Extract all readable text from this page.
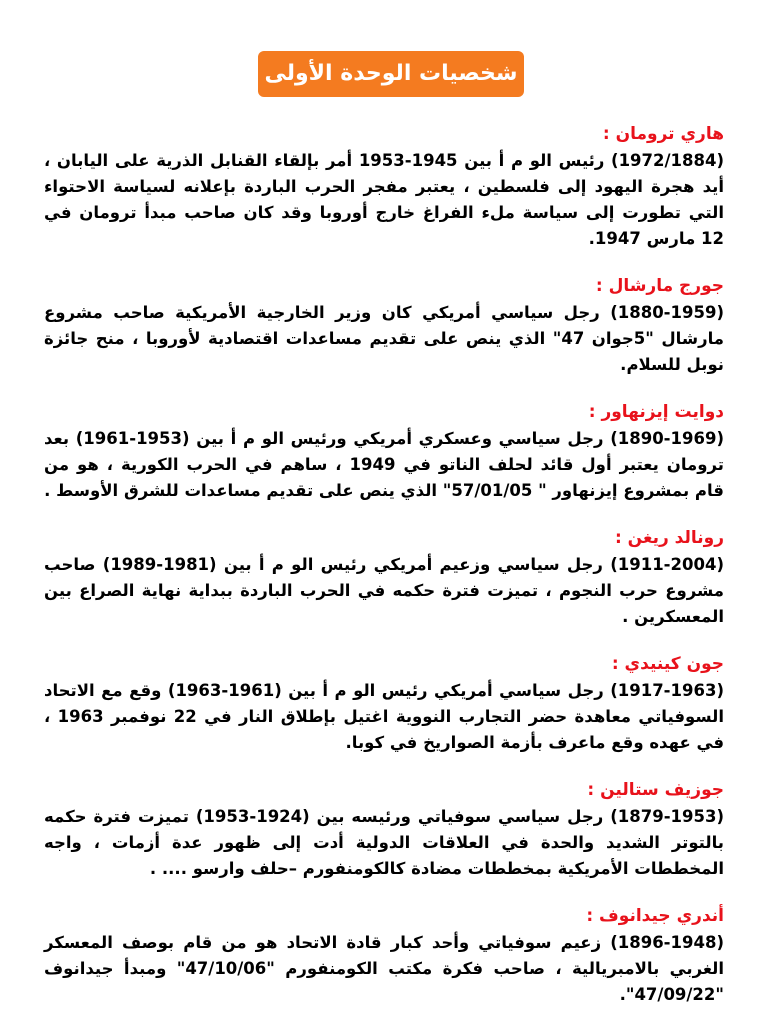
شخصيات الوحدة الأولى
هاري ترومان :
(1972/1884) رئيس الو م أ بين 1945-1953 أمر بإلقاء القنابل الذرية على اليابان ، أيد هجرة اليهود إلى فلسطين ، يعتبر مفجر الحرب الباردة بإعلانه لسياسة الاحتواء التي تطورت إلى سياسة ملء الفراغ خارج أوروبا وقد كان صاحب مبدأ ترومان في 12 مارس 1947.
جورج مارشال :
(1880-1959) رجل سياسي أمريكي كان وزير الخارجية الأمريكية صاحب مشروع مارشال "5جوان 47" الذي ينص على تقديم مساعدات اقتصادية لأوروبا ، منح جائزة نوبل للسلام.
دوايت إيزنهاور :
(1890-1969) رجل سياسي وعسكري أمريكي ورئيس الو م أ بين (1953-1961) بعد ترومان يعتبر أول قائد لحلف الناتو في 1949 ، ساهم في الحرب الكورية ، هو من قام بمشروع إيزنهاور " 57/01/05" الذي ينص على تقديم مساعدات للشرق الأوسط .
رونالد ريغن :
(1911-2004) رجل سياسي وزعيم أمريكي رئيس الو م أ بين (1981-1989) صاحب مشروع حرب النجوم ، تميزت فترة حكمه في الحرب الباردة ببداية نهاية الصراع بين المعسكرين .
جون كينيدي :
(1917-1963) رجل سياسي أمريكي رئيس الو م أ بين (1961-1963) وقع مع الاتحاد السوفياتي معاهدة حضر التجارب النووية اغتيل بإطلاق النار في 22 نوفمبر 1963 ، في عهده وقع ماعرف بأزمة الصواريخ في كوبا.
جوزيف ستالين :
(1879-1953) رجل سياسي سوفياتي ورئيسه بين (1924-1953) تميزت فترة حكمه بالتوتر الشديد والحدة في العلاقات الدولية أدت إلى ظهور عدة أزمات ، واجه المخططات الأمريكية بمخططات مضادة كالكومنفورم –حلف وارسو .... .
أندري جيدانوف :
(1896-1948) زعيم سوفياتي وأحد كبار قادة الاتحاد هو من قام بوصف المعسكر الغربي بالامبريالية ، صاحب فكرة مكتب الكومنفورم "47/10/06" ومبدأ جيدانوف "47/09/22".
